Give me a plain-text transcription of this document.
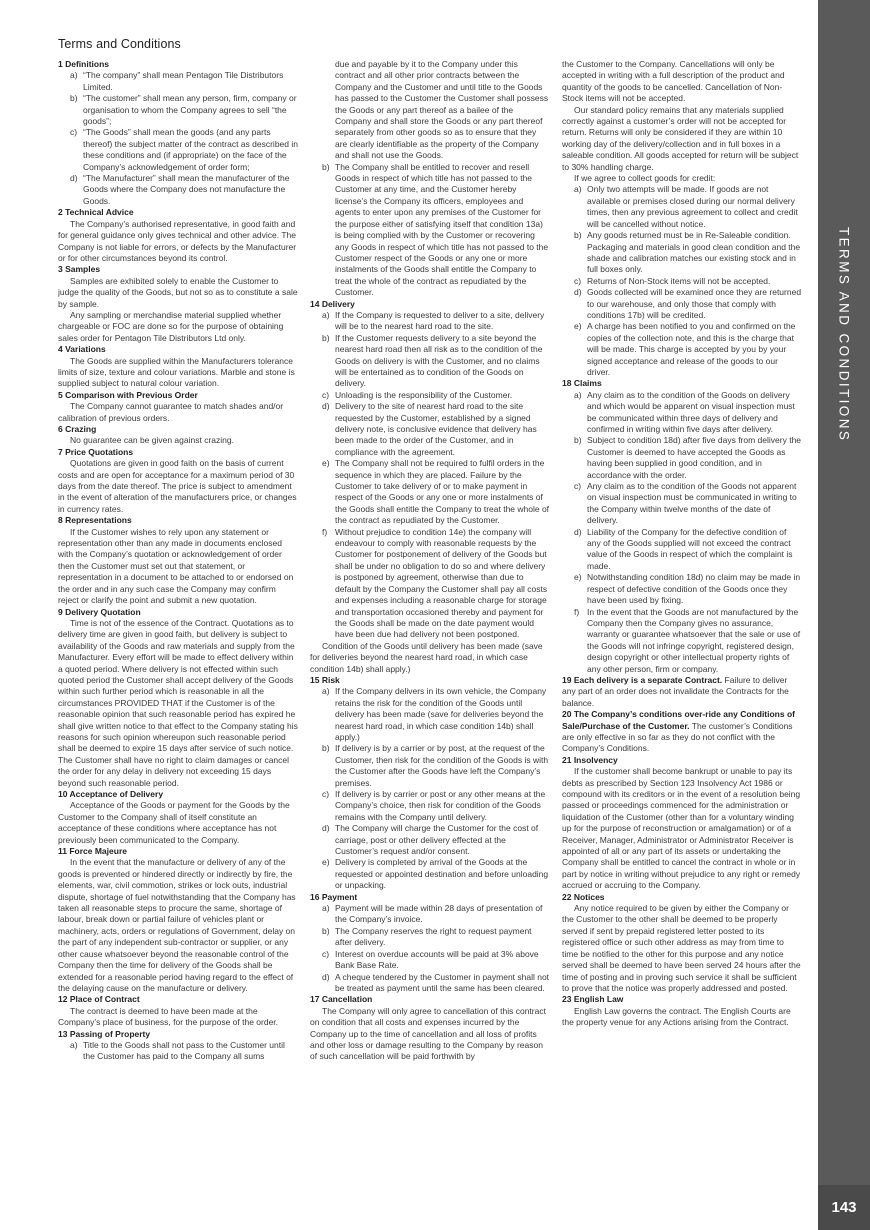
Terms and Conditions

1 Definitions

a) “The company” shall mean Pentagon Tile Distributors Limited.
b) “The customer” shall mean any person, firm, company or organisation to whom the Company agrees to sell “the goods”;
c) “The Goods” shall mean the goods (and any parts thereof) the subject matter of the contract as described in these conditions and (if appropriate) on the face of the Company’s acknowledgement of order form;
d) “The Manufacturer” shall mean the manufacturer of the Goods where the Company does not manufacture the Goods.

2 Technical Advice

The Company’s authorised representative, in good faith and for general guidance only gives technical and other advice. The Company is not liable for errors, or defects by the Manufacturer or for other circumstances beyond its control.

3 Samples

Samples are exhibited solely to enable the Customer to judge the quality of the Goods, but not so as to constitute a sale by sample.

Any sampling or merchandise material supplied whether chargeable or FOC are done so for the purpose of obtaining sales order for Pentagon Tile Distributors Ltd only.

4 Variations

The Goods are supplied within the Manufacturers tolerance limits of size, texture and colour variations. Marble and stone is supplied subject to natural colour variation.

5 Comparison with Previous Order

The Company cannot guarantee to match shades and/or calibration of previous orders.

6 Crazing

No guarantee can be given against crazing.

7 Price Quotations

Quotations are given in good faith on the basis of current costs and are open for acceptance for a maximum period of 30 days from the date thereof. The price is subject to amendment in the event of alteration of the manufacturers price, or changes in currency rates.

8 Representations

If the Customer wishes to rely upon any statement or representation other than any made in documents enclosed with the Company’s quotation or acknowledgement of order then the Customer must set out that statement, or representation in a document to be attached to or endorsed on the order and in any such case the Company may confirm reject or clarify the point and submit a new quotation.

9 Delivery Quotation

Time is not of the essence of the Contract. Quotations as to delivery time are given in good faith, but delivery is subject to availability of the Goods and raw materials and supply from the Manufacturer. Every effort will be made to effect delivery within a quoted period. Where delivery is not effected within such quoted period the Customer shall accept delivery of the Goods within such further period which is reasonable in all the circumstances PROVIDED THAT if the Customer is of the reasonable opinion that such reasonable period has expired he shall give written notice to that effect to the Company stating his reasons for such opinion whereupon such reasonable period shall be deemed to expire 15 days after service of such notice. The Customer shall have no right to claim damages or cancel the order for any delay in delivery not exceeding 15 days beyond such reasonable period.

10 Acceptance of Delivery

Acceptance of the Goods or payment for the Goods by the Customer to the Company shall of itself constitute an acceptance of these conditions where acceptance has not previously been communicated to the Company.

11 Force Majeure

In the event that the manufacture or delivery of any of the goods is prevented or hindered directly or indirectly by fire, the elements, war, civil commotion, strikes or lock outs, industrial dispute, shortage of fuel notwithstanding that the Company has taken all reasonable steps to procure the same, shortage of labour, break down or partial failure of vehicles plant or machinery, acts, orders or regulations of Government, delay on the part of any independent sub-contractor or supplier, or any other cause whatsoever beyond the reasonable control of the Company then the time for delivery of the Goods shall be extended for a reasonable period having regard to the effect of the delaying cause on the manufacture or delivery.

12 Place of Contract

The contract is deemed to have been made at the Company’s place of business, for the purpose of the order.

13 Passing of Property

a) Title to the Goods shall not pass to the Customer until the Customer has paid to the Company all sums
due and payable by it to the Company under this contract and all other prior contracts between the Company and the Customer and until title to the Goods has passed to the Customer the Customer shall possess the Goods or any part thereof as a bailee of the Company and shall store the Goods or any part thereof separately from other goods so as to ensure that they are clearly identifiable as the property of the Company and shall not use the Goods.
b) The Company shall be entitled to recover and resell Goods in respect of which title has not passed to the Customer at any time, and the Customer hereby license’s the Company its officers, employees and agents to enter upon any premises of the Customer for the purpose either of satisfying itself that condition 13a) is being complied with by the Customer or recovering any Goods in respect of which title has not passed to the Customer respect of the Goods or any one or more instalments of the Goods shall entitle the Company to treat the whole of the contract as repudiated by the Customer.

14 Delivery

a) If the Company is requested to deliver to a site, delivery will be to the nearest hard road to the site.
b) If the Customer requests delivery to a site beyond the nearest hard road then all risk as to the condition of the Goods on delivery is with the Customer, and no claims will be entertained as to condition of the Goods on delivery.
c) Unloading is the responsibility of the Customer.
d) Delivery to the site of nearest hard road to the site requested by the Customer, established by a signed delivery note, is conclusive evidence that delivery has been made to the order of the Customer, and in compliance with the agreement.
e) The Company shall not be required to fulfil orders in the sequence in which they are placed. Failure by the Customer to take delivery of or to make payment in respect of the Goods or any one or more instalments of the Goods shall entitle the Company to treat the whole of the contract as repudiated by the Customer.
f) Without prejudice to condition 14e) the company will endeavour to comply with reasonable requests by the Customer for postponement of delivery of the Goods but shall be under no obligation to do so and where delivery is postponed by agreement, otherwise than due to default by the Company the Customer shall pay all costs and expenses including a reasonable charge for storage and transportation occasioned thereby and payment for the Goods shall be made on the date payment would have been due had delivery not been postponed.

Condition of the Goods until delivery has been made (save for deliveries beyond the nearest hard road, in which case condition 14b) shall apply.)

15 Risk

a) If the Company delivers in its own vehicle, the Company retains the risk for the condition of the Goods until delivery has been made (save for deliveries beyond the nearest hard road, in which case condition 14b) shall apply.)
b) If delivery is by a carrier or by post, at the request of the Customer, then risk for the condition of the Goods is with the Customer after the Goods have left the Company’s premises.
c) If delivery is by carrier or post or any other means at the Company’s choice, then risk for condition of the Goods remains with the Company until delivery.
d) The Company will charge the Customer for the cost of carriage, post or other delivery effected at the Customer’s request and/or consent.
e) Delivery is completed by arrival of the Goods at the requested or appointed destination and before unloading or unpacking.

16 Payment

a) Payment will be made within 28 days of presentation of the Company’s invoice.
b) The Company reserves the right to request payment after delivery.
c) Interest on overdue accounts will be paid at 3% above Bank Base Rate.
d) A cheque tendered by the Customer in payment shall not be treated as payment until the same has been cleared.

17 Cancellation

The Company will only agree to cancellation of this contract on condition that all costs and expenses incurred by the Company up to the time of cancellation and all loss of profits and other loss or damage resulting to the Company by reason of such cancellation will be paid forthwith by

the Customer to the Company. Cancellations will only be accepted in writing with a full description of the product and quantity of the goods to be cancelled. Cancellation of Non-Stock items will not be accepted.

Our standard policy remains that any materials supplied correctly against a customer’s order will not be accepted for return. Returns will only be considered if they are within 10 working day of the delivery/collection and in full boxes in a saleable condition. All goods accepted for return will be subject to 30% handling charge.

If we agree to collect goods for credit:

a) Only two attempts will be made. If goods are not available or premises closed during our normal delivery times, then any previous agreement to collect and credit will be cancelled without notice.
b) Any goods returned must be in Re-Saleable condition. Packaging and materials in good clean condition and the shade and calibration matches our existing stock and in full boxes only.
c) Returns of Non-Stock items will not be accepted.
d) Goods collected will be examined once they are returned to our warehouse, and only those that comply with conditions 17b) will be credited.
e) A charge has been notified to you and confirmed on the copies of the collection note, and this is the charge that will be made. This charge is accepted by you by your signed acceptance and release of the goods to our driver.

18 Claims

a) Any claim as to the condition of the Goods on delivery and which would be apparent on visual inspection must be communicated within three days of delivery and confirmed in writing within five days after delivery.
b) Subject to condition 18d) after five days from delivery the Customer is deemed to have accepted the Goods as having been supplied in good condition, and in accordance with the order.
c) Any claim as to the condition of the Goods not apparent on visual inspection must be communicated in writing to the Company within twelve months of the date of delivery.
d) Liability of the Company for the defective condition of any of the Goods supplied will not exceed the contract value of the Goods in respect of which the complaint is made.
e) Notwithstanding condition 18d) no claim may be made in respect of defective condition of the Goods once they have been used by fixing.
f) In the event that the Goods are not manufactured by the Company then the Company gives no assurance, warranty or guarantee whatsoever that the sale or use of the Goods will not infringe copyright, registered design, design copyright or other intellectual property rights of any other person, firm or company.

19 Each delivery is a separate Contract. Failure to deliver any part of an order does not invalidate the Contracts for the balance.

20 The Company’s conditions over-ride any Conditions of Sale/Purchase of the Customer. The customer’s Conditions are only effective in so far as they do not conflict with the Company’s Conditions.

21 Insolvency

If the customer shall become bankrupt or unable to pay its debts as prescribed by Section 123 Insolvency Act 1986 or compound with its creditors or in the event of a resolution being passed or proceedings commenced for the administration or liquidation of the Customer (other than for a voluntary winding up for the purpose of reconstruction or amalgamation) or of a Receiver, Manager, Administrator or Administrator Receiver is appointed of all or any part of its assets or undertaking the Company shall be entitled to cancel the contract in whole or in part by notice in writing without prejudice to any right or remedy accrued or accruing to the Company.

22 Notices

Any notice required to be given by either the Company or the Customer to the other shall be deemed to be properly served if sent by prepaid registered letter posted to its registered office or such other address as may from time to time be notified to the other for this purpose and any notice served shall be deemed to have been served 24 hours after the time of posting and in proving such service it shall be sufficient to prove that the notice was properly addressed and posted.

23 English Law

English Law governs the contract. The English Courts are the property venue for any Actions arising from the Contract.

TERMS AND CONDITIONS
143
